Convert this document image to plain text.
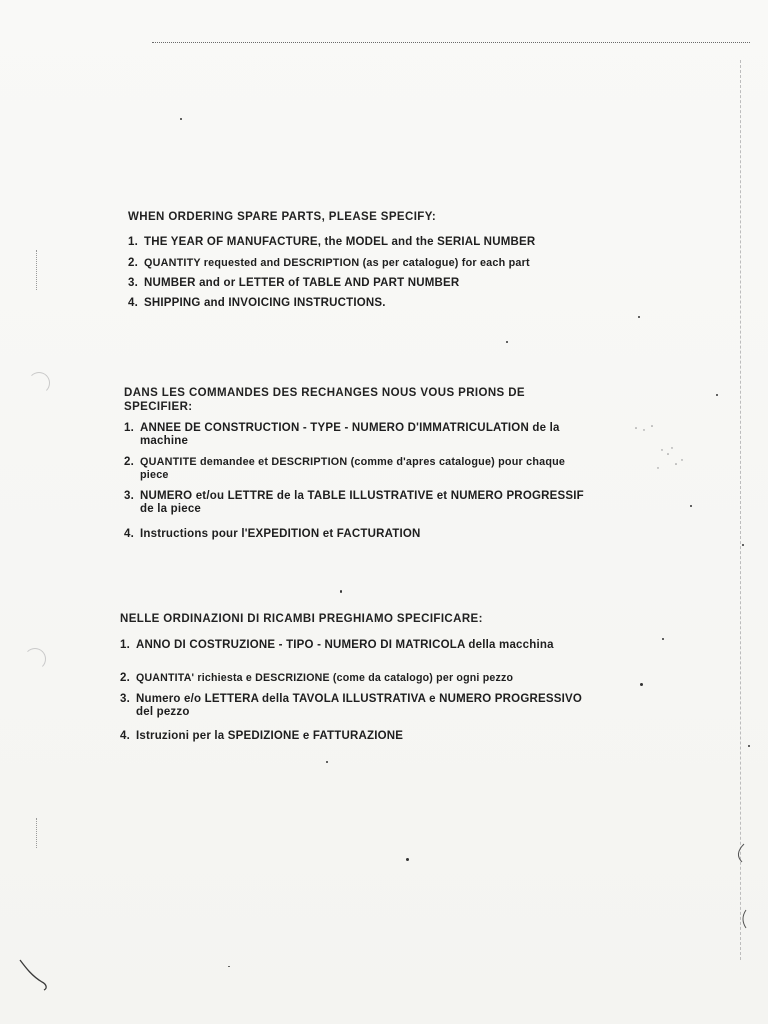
WHEN ORDERING SPARE PARTS, PLEASE SPECIFY:
1. THE YEAR OF MANUFACTURE, the MODEL and the SERIAL NUMBER
2. QUANTITY requested and DESCRIPTION (as per catalogue) for each part
3. NUMBER and or LETTER of TABLE AND PART NUMBER
4. SHIPPING and INVOICING INSTRUCTIONS.
DANS LES COMMANDES DES RECHANGES NOUS VOUS PRIONS DE SPECIFIER:
1. ANNEE DE CONSTRUCTION - TYPE - NUMERO D'IMMATRICULATION de la machine
2. QUANTITE demandee et DESCRIPTION (comme d'apres catalogue) pour chaque piece
3. NUMERO et/ou LETTRE de la TABLE ILLUSTRATIVE et NUMERO PROGRESSIF de la piece
4. Instructions pour l'EXPEDITION et FACTURATION
NELLE ORDINAZIONI DI RICAMBI PREGHIAMO SPECIFICARE:
1. ANNO DI COSTRUZIONE - TIPO - NUMERO DI MATRICOLA della macchina
2. QUANTITA' richiesta e DESCRIZIONE (come da catalogo) per ogni pezzo
3. Numero e/o LETTERA della TAVOLA ILLUSTRATIVA e NUMERO PROGRESSIVO del pezzo
4. Istruzioni per la SPEDIZIONE e FATTURAZIONE
